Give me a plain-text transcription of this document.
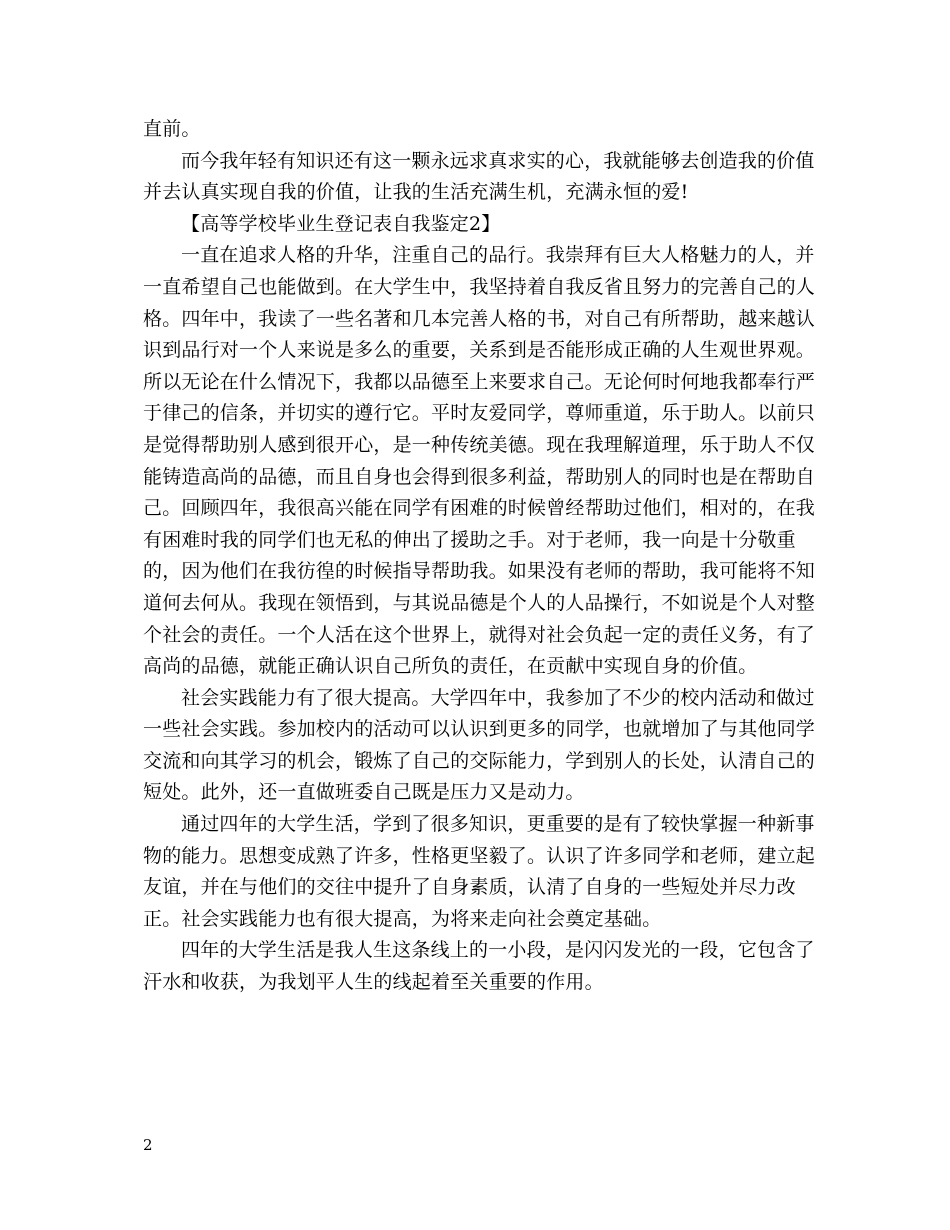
直前。

而今我年轻有知识还有这一颗永远求真求实的心，我就能够去创造我的价值并去认真实现自我的价值，让我的生活充满生机，充满永恒的爱!

【高等学校毕业生登记表自我鉴定2】

一直在追求人格的升华，注重自己的品行。我崇拜有巨大人格魅力的人，并一直希望自己也能做到。在大学生中，我坚持着自我反省且努力的完善自己的人格。四年中，我读了一些名著和几本完善人格的书，对自己有所帮助，越来越认识到品行对一个人来说是多么的重要，关系到是否能形成正确的人生观世界观。所以无论在什么情况下，我都以品德至上来要求自己。无论何时何地我都奉行严于律己的信条，并切实的遵行它。平时友爱同学，尊师重道，乐于助人。以前只是觉得帮助别人感到很开心，是一种传统美德。现在我理解道理，乐于助人不仅能铸造高尚的品德，而且自身也会得到很多利益，帮助别人的同时也是在帮助自己。回顾四年，我很高兴能在同学有困难的时候曾经帮助过他们，相对的，在我有困难时我的同学们也无私的伸出了援助之手。对于老师，我一向是十分敬重的，因为他们在我彷徨的时候指导帮助我。如果没有老师的帮助，我可能将不知道何去何从。我现在领悟到，与其说品德是个人的人品操行，不如说是个人对整个社会的责任。一个人活在这个世界上，就得对社会负起一定的责任义务，有了高尚的品德，就能正确认识自己所负的责任，在贡献中实现自身的价值。

社会实践能力有了很大提高。大学四年中，我参加了不少的校内活动和做过一些社会实践。参加校内的活动可以认识到更多的同学，也就增加了与其他同学交流和向其学习的机会，锻炼了自己的交际能力，学到别人的长处，认清自己的短处。此外，还一直做班委自己既是压力又是动力。

通过四年的大学生活，学到了很多知识，更重要的是有了较快掌握一种新事物的能力。思想变成熟了许多，性格更坚毅了。认识了许多同学和老师，建立起友谊，并在与他们的交往中提升了自身素质，认清了自身的一些短处并尽力改正。社会实践能力也有很大提高，为将来走向社会奠定基础。

四年的大学生活是我人生这条线上的一小段，是闪闪发光的一段，它包含了汗水和收获，为我划平人生的线起着至关重要的作用。

2
